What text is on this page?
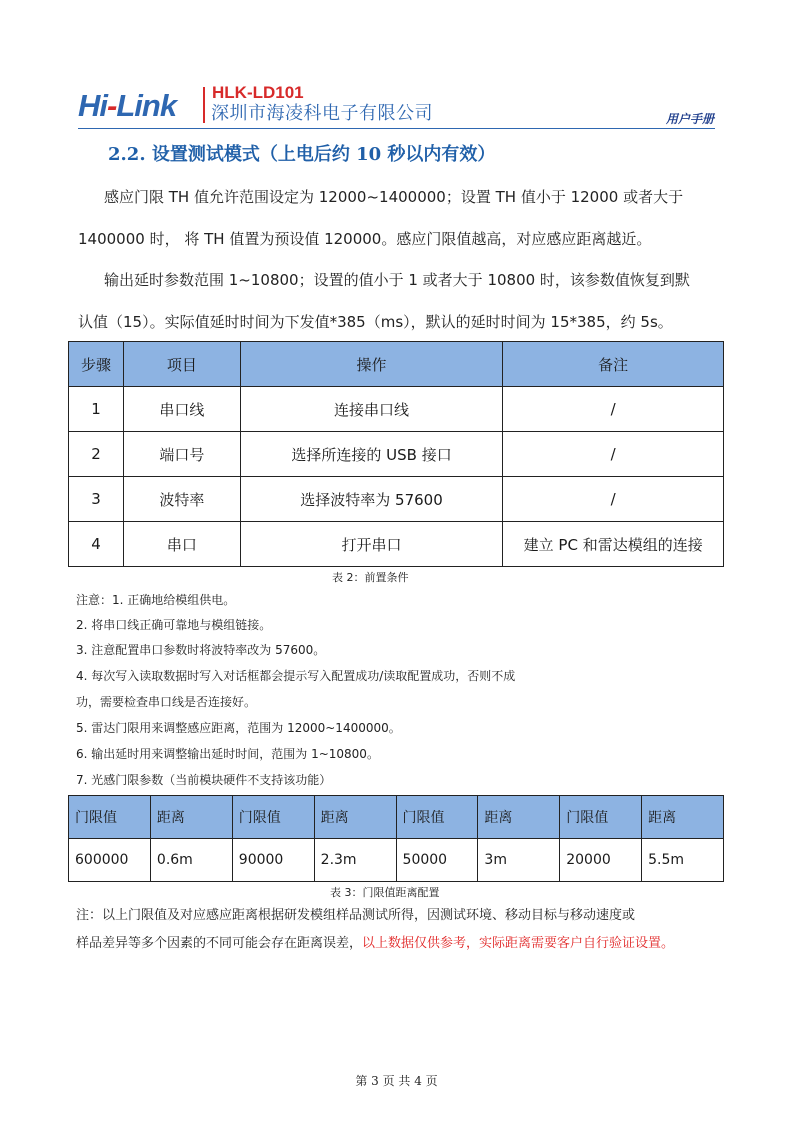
Hi-Link	HLK-LD101
深圳市海凌科电子有限公司	用户手册
2.2. 设置测试模式（上电后约 10 秒以内有效）
感应门限 TH 值允许范围设定为 12000~1400000；设置 TH 值小于 12000 或者大于
1400000 时， 将 TH 值置为预设值 120000。感应门限值越高，对应感应距离越近。
输出延时参数范围 1~10800；设置的值小于 1 或者大于 10800 时，该参数值恢复到默
认值（15）。实际值延时时间为下发值*385（ms），默认的延时时间为 15*385，约 5s。
步骤	项目	操作	备注
1	串口线	连接串口线	/
2	端口号	选择所连接的 USB 接口	/
3	波特率	选择波特率为 57600	/
4	串口	打开串口	建立 PC 和雷达模组的连接
表 2：前置条件
注意：1. 正确地给模组供电。
2. 将串口线正确可靠地与模组链接。
3. 注意配置串口参数时将波特率改为 57600。
4. 每次写入读取数据时写入对话框都会提示写入配置成功/读取配置成功，否则不成
功，需要检查串口线是否连接好。
5. 雷达门限用来调整感应距离，范围为 12000~1400000。
6. 输出延时用来调整输出延时时间，范围为 1~10800。
7. 光感门限参数（当前模块硬件不支持该功能）
门限值	距离	门限值	距离	门限值	距离	门限值	距离
600000	0.6m	90000	2.3m	50000	3m	20000	5.5m
表 3：门限值距离配置
注：以上门限值及对应感应距离根据研发模组样品测试所得，因测试环境、移动目标与移动速度或
样品差异等多个因素的不同可能会存在距离误差，以上数据仅供参考，实际距离需要客户自行验证设置。
第 3 页 共 4 页
